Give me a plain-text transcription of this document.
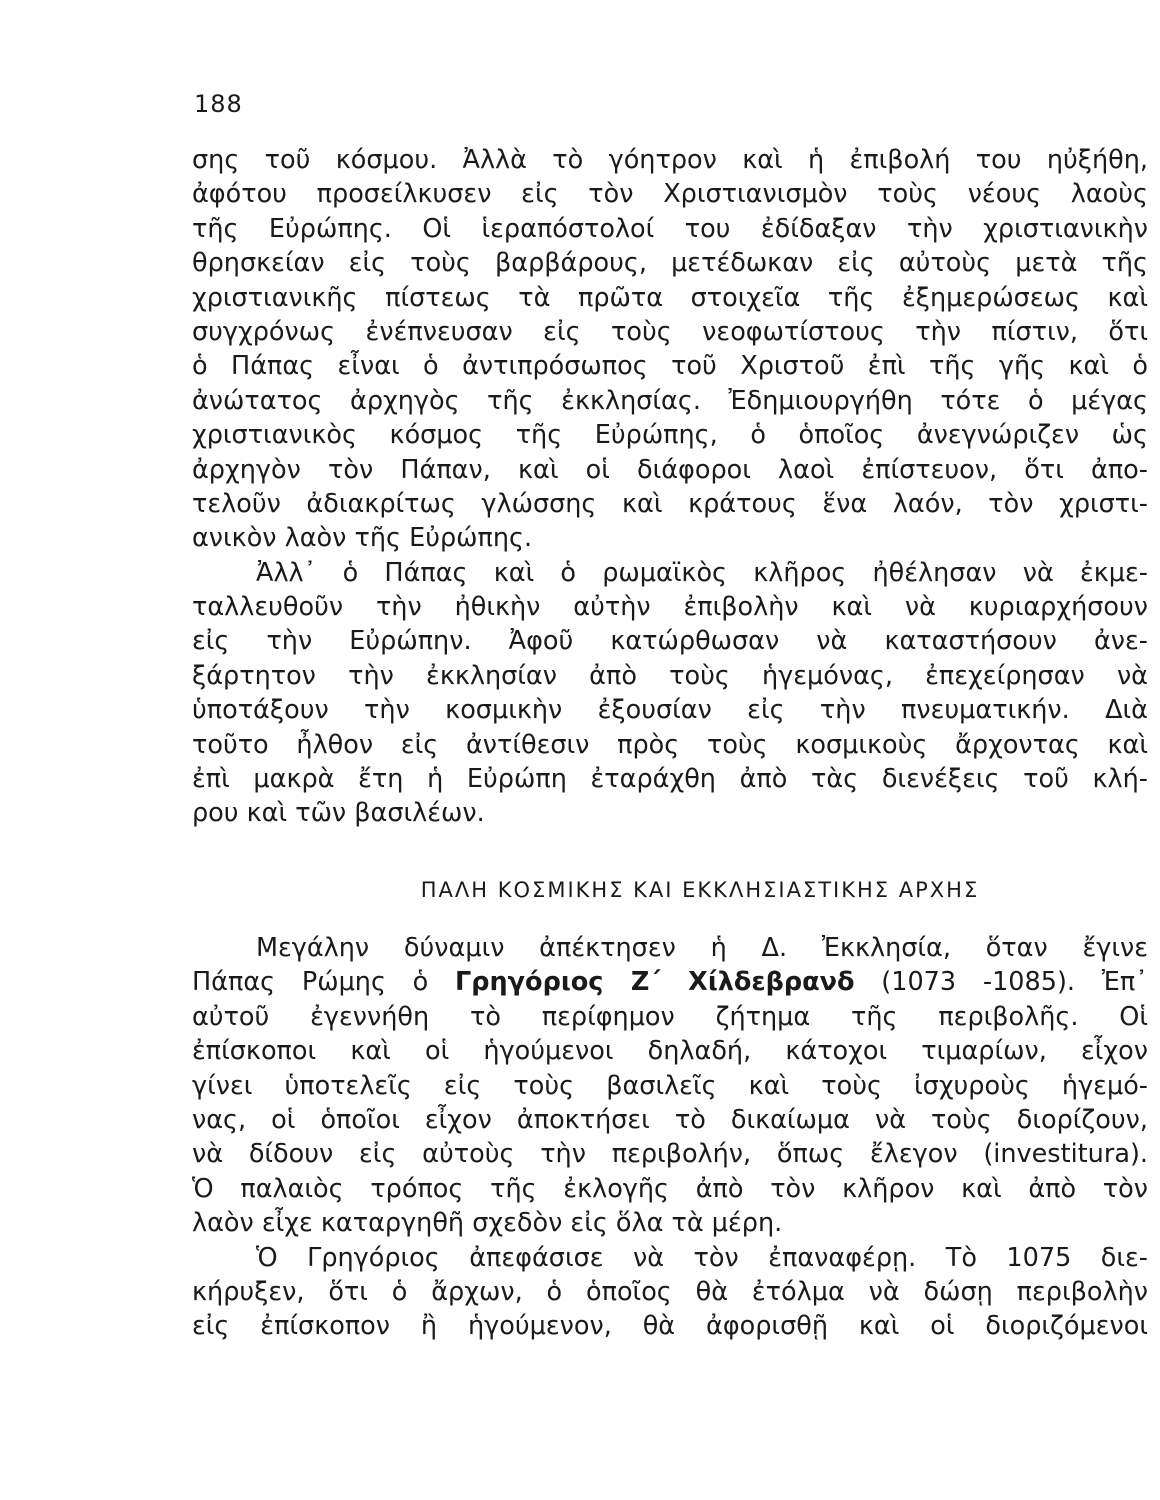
188
σης τοῦ κόσμου. Ἀλλὰ τὸ γόητρον καὶ ἡ ἐπιβολή του ηὐξήθη,
ἀφότου προσείλκυσεν εἰς τὸν Χριστιανισμὸν τοὺς νέους λαοὺς
τῆς Εὐρώπης. Οἱ ἱεραπόστολοί του ἐδίδαξαν τὴν χριστιανικὴν
θρησκείαν εἰς τοὺς βαρβάρους, μετέδωκαν εἰς αὐτοὺς μετὰ τῆς
χριστιανικῆς πίστεως τὰ πρῶτα στοιχεῖα τῆς ἐξημερώσεως καὶ
συγχρόνως ἐνέπνευσαν εἰς τοὺς νεοφωτίστους τὴν πίστιν, ὅτι
ὁ Πάπας εἶναι ὁ ἀντιπρόσωπος τοῦ Χριστοῦ ἐπὶ τῆς γῆς καὶ ὁ
ἀνώτατος ἀρχηγὸς τῆς ἐκκλησίας. Ἐδημιουργήθη τότε ὁ μέγας
χριστιανικὸς κόσμος τῆς Εὐρώπης, ὁ ὁποῖος ἀνεγνώριζεν ὡς
ἀρχηγὸν τὸν Πάπαν, καὶ οἱ διάφοροι λαοὶ ἐπίστευον, ὅτι ἀπο-
τελοῦν ἀδιακρίτως γλώσσης καὶ κράτους ἕνα λαόν, τὸν χριστι-
ανικὸν λαὸν τῆς Εὐρώπης.
Ἀλλ᾽ ὁ Πάπας καὶ ὁ ρωμαϊκὸς κλῆρος ἠθέλησαν νὰ ἐκμε-
ταλλευθοῦν τὴν ἠθικὴν αὐτὴν ἐπιβολὴν καὶ νὰ κυριαρχήσουν
εἰς τὴν Εὐρώπην. Ἀφοῦ κατώρθωσαν νὰ καταστήσουν ἀνε-
ξάρτητον τὴν ἐκκλησίαν ἀπὸ τοὺς ἡγεμόνας, ἐπεχείρησαν νὰ
ὑποτάξουν τὴν κοσμικὴν ἐξουσίαν εἰς τὴν πνευματικήν. Διὰ
τοῦτο ἦλθον εἰς ἀντίθεσιν πρὸς τοὺς κοσμικοὺς ἄρχοντας καὶ
ἐπὶ μακρὰ ἔτη ἡ Εὐρώπη ἐταράχθη ἀπὸ τὰς διενέξεις τοῦ κλή-
ρου καὶ τῶν βασιλέων.
ΠΑΛΗ ΚΟΣΜΙΚΗΣ ΚΑΙ ΕΚΚΛΗΣΙΑΣΤΙΚΗΣ ΑΡΧΗΣ
Μεγάλην δύναμιν ἀπέκτησεν ἡ Δ. Ἐκκλησία, ὅταν ἔγινε
Πάπας Ρώμης ὁ Γρηγόριος Ζ΄ Χίλδεβρανδ (1073 -1085). Ἐπ᾽
αὐτοῦ ἐγεννήθη τὸ περίφημον ζήτημα τῆς περιβολῆς. Οἱ
ἐπίσκοποι καὶ οἱ ἡγούμενοι δηλαδή, κάτοχοι τιμαρίων, εἶχον
γίνει ὑποτελεῖς εἰς τοὺς βασιλεῖς καὶ τοὺς ἰσχυροὺς ἡγεμό-
νας, οἱ ὁποῖοι εἶχον ἀποκτήσει τὸ δικαίωμα νὰ τοὺς διορίζουν,
νὰ δίδουν εἰς αὐτοὺς τὴν περιβολήν, ὅπως ἔλεγον (investitura).
Ὁ παλαιὸς τρόπος τῆς ἐκλογῆς ἀπὸ τὸν κλῆρον καὶ ἀπὸ τὸν
λαὸν εἶχε καταργηθῆ σχεδὸν εἰς ὅλα τὰ μέρη.
Ὁ Γρηγόριος ἀπεφάσισε νὰ τὸν ἐπαναφέρῃ. Τὸ 1075 διε-
κήρυξεν, ὅτι ὁ ἄρχων, ὁ ὁποῖος θὰ ἐτόλμα νὰ δώσῃ περιβολὴν
εἰς ἐπίσκοπον ἢ ἡγούμενον, θὰ ἀφορισθῇ καὶ οἱ διοριζόμενοι
